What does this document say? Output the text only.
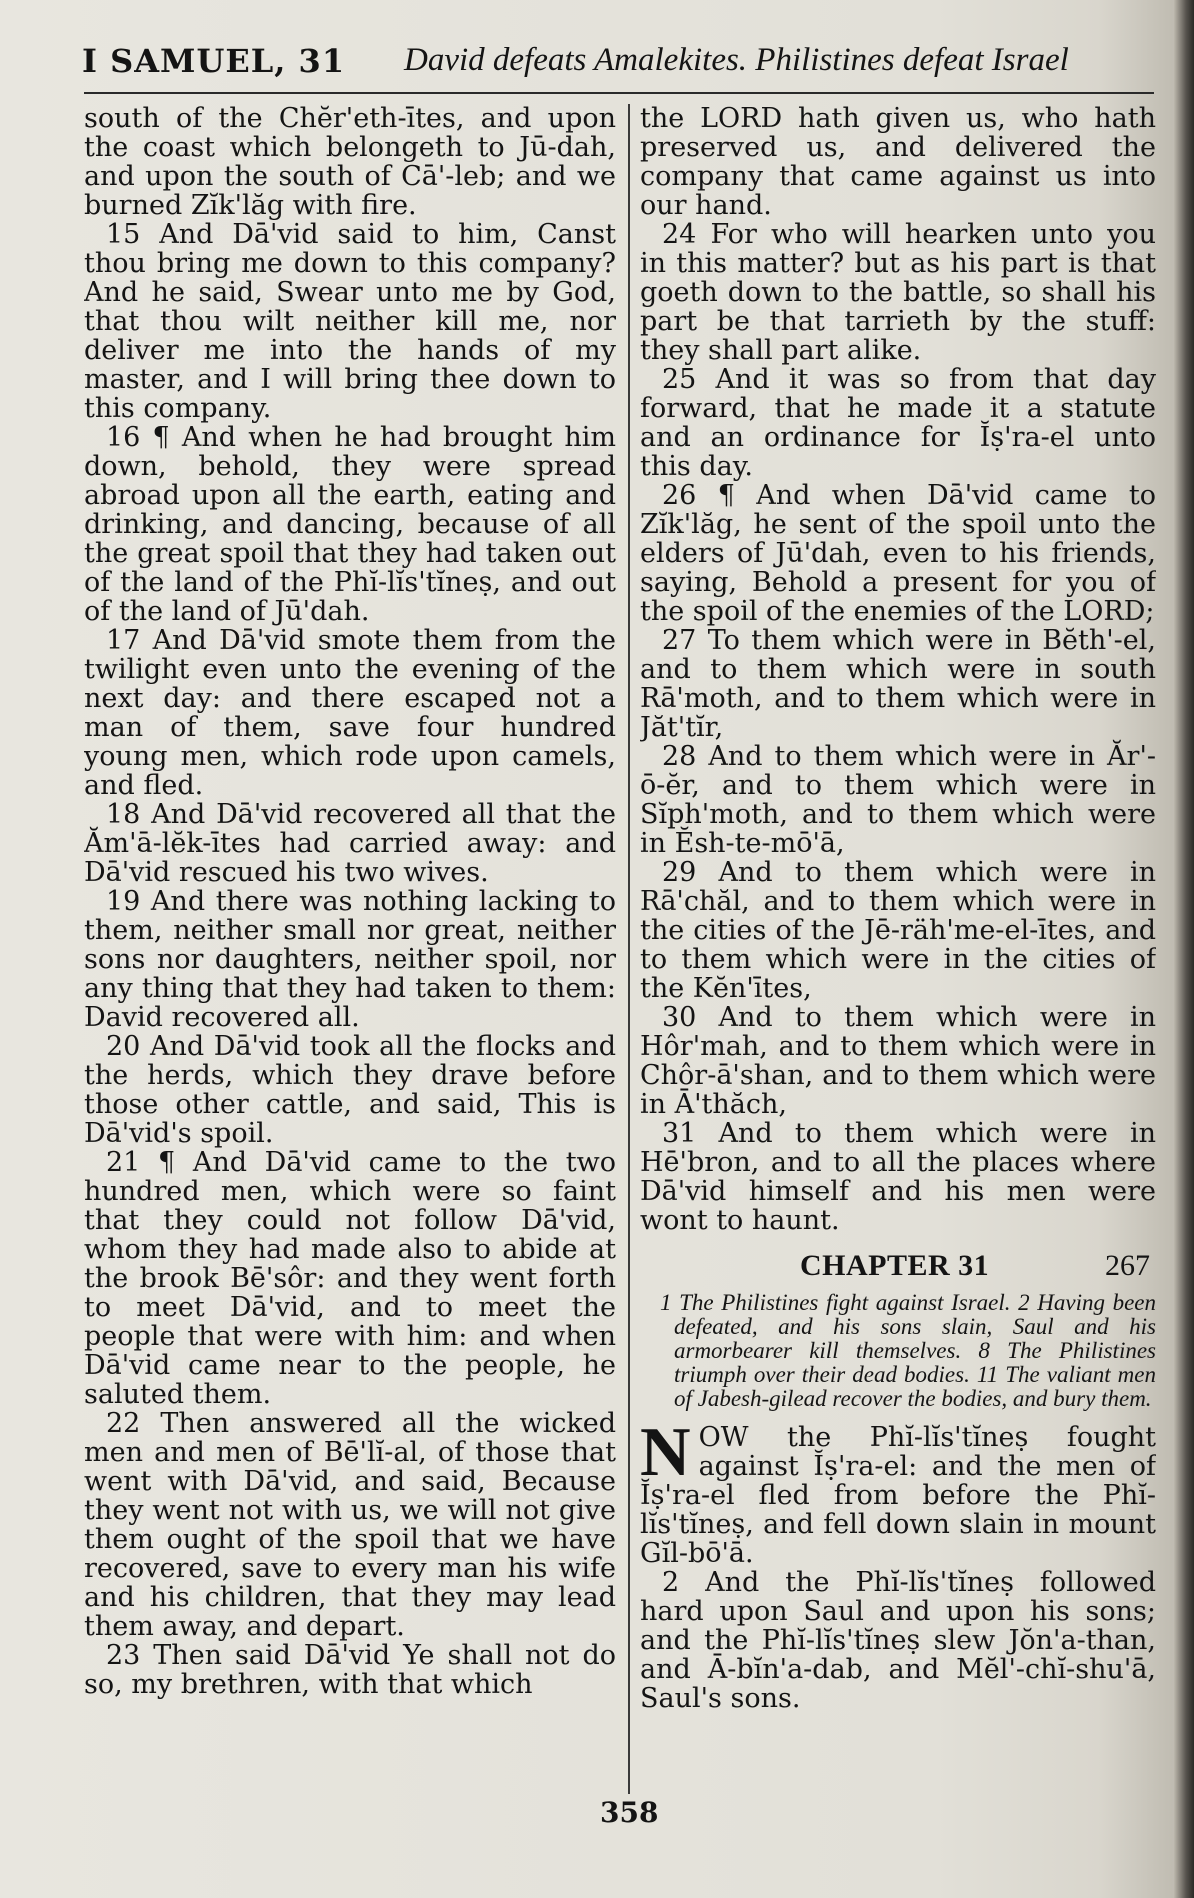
I SAMUEL, 31 David defeats Amalekites. Philistines defeat Israel

south of the Chĕr'eth-ītes, and upon the coast which belongeth to Jū-dah, and upon the south of Cā'-leb; and we burned Zĭk'lăg with fire.

15 And Dā'vid said to him, Canst thou bring me down to this company? And he said, Swear unto me by God, that thou wilt neither kill me, nor deliver me into the hands of my master, and I will bring thee down to this company.

16 ¶ And when he had brought him down, behold, they were spread abroad upon all the earth, eating and drinking, and dancing, because of all the great spoil that they had taken out of the land of the Phĭ-lĭs'tĭneṣ, and out of the land of Jū'dah.

17 And Dā'vid smote them from the twilight even unto the evening of the next day: and there escaped not a man of them, save four hundred young men, which rode upon camels, and fled.

18 And Dā'vid recovered all that the Ăm'ā-lĕk-ītes had carried away: and Dā'vid rescued his two wives.

19 And there was nothing lacking to them, neither small nor great, neither sons nor daughters, neither spoil, nor any thing that they had taken to them: David recovered all.

20 And Dā'vid took all the flocks and the herds, which they drave before those other cattle, and said, This is Dā'vid's spoil.

21 ¶ And Dā'vid came to the two hundred men, which were so faint that they could not follow Dā'vid, whom they had made also to abide at the brook Bē'sôr: and they went forth to meet Dā'vid, and to meet the people that were with him: and when Dā'vid came near to the people, he saluted them.

22 Then answered all the wicked men and men of Bē'lĭ-al, of those that went with Dā'vid, and said, Because they went not with us, we will not give them ought of the spoil that we have recovered, save to every man his wife and his children, that they may lead them away, and depart.

23 Then said Dā'vid Ye shall not do so, my brethren, with that which

the LORD hath given us, who hath preserved us, and delivered the company that came against us into our hand.

24 For who will hearken unto you in this matter? but as his part is that goeth down to the battle, so shall his part be that tarrieth by the stuff: they shall part alike.

25 And it was so from that day forward, that he made it a statute and an ordinance for Ĭṣ'ra-el unto this day.

26 ¶ And when Dā'vid came to Zĭk'lăg, he sent of the spoil unto the elders of Jū'dah, even to his friends, saying, Behold a present for you of the spoil of the enemies of the LORD;

27 To them which were in Bĕth'-el, and to them which were in south Rā'moth, and to them which were in Jăt'tĭr,

28 And to them which were in Ăr'-ō-ĕr, and to them which were in Sĭph'moth, and to them which were in Ĕsh-te-mō'ā,

29 And to them which were in Rā'chăl, and to them which were in the cities of the Jē-räh'me-el-ītes, and to them which were in the cities of the Kĕn'ītes,

30 And to them which were in Hôr'mah, and to them which were in Chôr-ā'shan, and to them which were in Ā'thăch,

31 And to them which were in Hē'bron, and to all the places where Dā'vid himself and his men were wont to haunt.

CHAPTER 31	267

1 The Philistines fight against Israel. 2 Having been defeated, and his sons slain, Saul and his armorbearer kill themselves. 8 The Philistines triumph over their dead bodies. 11 The valiant men of Jabesh-gilead recover the bodies, and bury them.

NOW the Phĭ-lĭs'tĭneṣ fought against Ĭṣ'ra-el: and the men of Ĭṣ'ra-el fled from before the Phĭ-lĭs'tĭneṣ, and fell down slain in mount Gĭl-bō'ā.

2 And the Phĭ-lĭs'tĭneṣ followed hard upon Saul and upon his sons; and the Phĭ-lĭs'tĭneṣ slew Jŏn'a-than, and Ā-bĭn'a-dab, and Mĕl'-chĭ-shu'ā, Saul's sons.

358
